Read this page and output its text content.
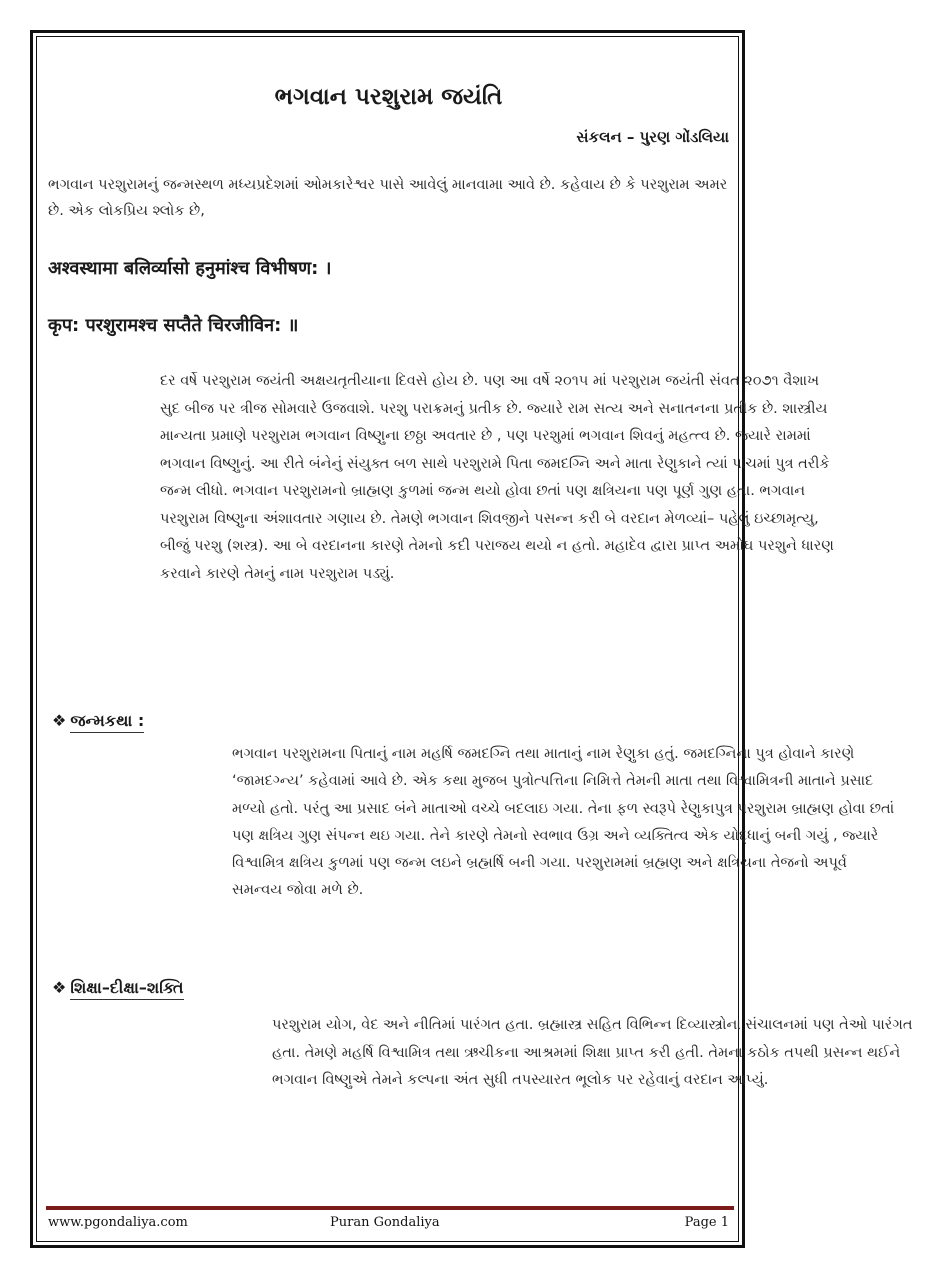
ભગવાન પરશુરામ જયંતિ
સંકલન – પુરણ ગોંડલિયા

ભગવાન પરશુરામનું જન્મસ્થળ મધ્યપ્રદેશમાં ઓમકારેશ્વર પાસે આવેલું માનવામા આવે છે. કહેવાય છે કે પરશુરામ અમર છે. એક લોકપ્રિય શ્લોક છે,

अश्वस्थामा बलिर्व्यासो हनुमांश्च विभीषण: ।
कृप: परशुरामश्च सप्तैते चिरजीविन: ॥

દર વર્ષે પરશુરામ જયંતી અક્ષયતૃતીયાના દિવસે હોય છે. પણ આ વર્ષે ૨૦૧૫ માં પરશુરામ જયંતી સંવત ૨૦૭૧ વૈશાખ સુદ બીજ પર ત્રીજ સોમવારે ઉજવાશે. પરશુ પરાક્રમનું પ્રતીક છે. જ્યારે રામ સત્ય અને સનાતનના પ્રતીક છે. શાસ્ત્રીય માન્યતા પ્રમાણે પરશુરામ ભગવાન વિષ્ણુના છઠ્ઠા અવતાર છે , પણ પરશુમાં ભગવાન શિવનું મહત્ત્વ છે. જ્યારે રામમાં ભગવાન વિષ્ણુનું. આ રીતે બંનેનું સંયુક્ત બળ સાથે પરશુરામે પિતા જમદગ્નિ અને માતા રેણુકાને ત્યાં પાચમાં પુત્ર તરીકે જન્મ લીધો. ભગવાન પરશુરામનો બ્રાહ્મણ કુળમાં જન્મ થયો હોવા છતાં પણ ક્ષત્રિયના પણ પૂર્ણ ગુણ હતા. ભગવાન પરશુરામ વિષ્ણુના અંશાવતાર ગણાય છે. તેમણે ભગવાન શિવજીને પસન્ન કરી બે વરદાન મેળવ્યાં– પહેલું ઇચ્છામૃત્યુ, બીજું પરશુ (શસ્ત્ર). આ બે વરદાનના કારણે તેમનો કદી પરાજય થયો ન હતો. મહાદેવ દ્વારા પ્રાપ્ત અમોઘ પરશુને ધારણ કરવાને કારણે તેમનું નામ પરશુરામ પડ્યું.

❖ જન્મકથા :

ભગવાન પરશુરામના પિતાનું નામ મહર્ષિ જમદગ્નિ તથા માતાનું નામ રેણુકા હતું. જમદગ્નિના પુત્ર હોવાને કારણે ‘જામદગ્ન્ય’ કહેવામાં આવે છે. એક કથા મુજબ પુત્રોત્પત્તિના નિમિત્તે તેમની માતા તથા વિશ્વામિત્રની માતાને પ્રસાદ મળ્યો હતો. પરંતુ આ પ્રસાદ બંને માતાઓ વચ્ચે બદલાઇ ગયા. તેના ફળ સ્વરૂપે રેણુકાપુત્ર પરશુરામ બ્રાહ્મણ હોવા છતાં પણ ક્ષત્રિય ગુણ સંપન્ન થઇ ગયા. તેને કારણે તેમનો સ્વભાવ ઉગ્ર અને વ્યક્તિત્વ એક યોદ્ધાનું બની ગયું , જ્યારે વિશ્વામિત્ર ક્ષત્રિય કુળમાં પણ જન્મ લઇને બ્રહ્મર્ષિ બની ગયા. પરશુરામમાં બ્રહ્મણ અને ક્ષત્રિયના તેજનો અપૂર્વ સમન્વય જોવા મળે છે.

❖ શિક્ષા–દીક્ષા–શક્તિ

પરશુરામ યોગ, વેદ અને નીતિમાં પારંગત હતા. બ્રહ્માસ્ત્ર સહિત વિભિન્ન દિવ્યાસ્ત્રોના સંચાલનમાં પણ તેઓ પારંગત હતા. તેમણે મહર્ષિ વિશ્વામિત્ર તથા ઋચીકના આશ્રમમાં શિક્ષા પ્રાપ્ત કરી હતી. તેમના કઠોક તપથી પ્રસન્ન થઈને ભગવાન વિષ્ણુએ તેમને કલ્પના અંત સુધી તપસ્યારત ભૂલોક પર રહેવાનું વરદાન આપ્યું.

www.pgondaliya.com	Puran Gondaliya	Page 1
